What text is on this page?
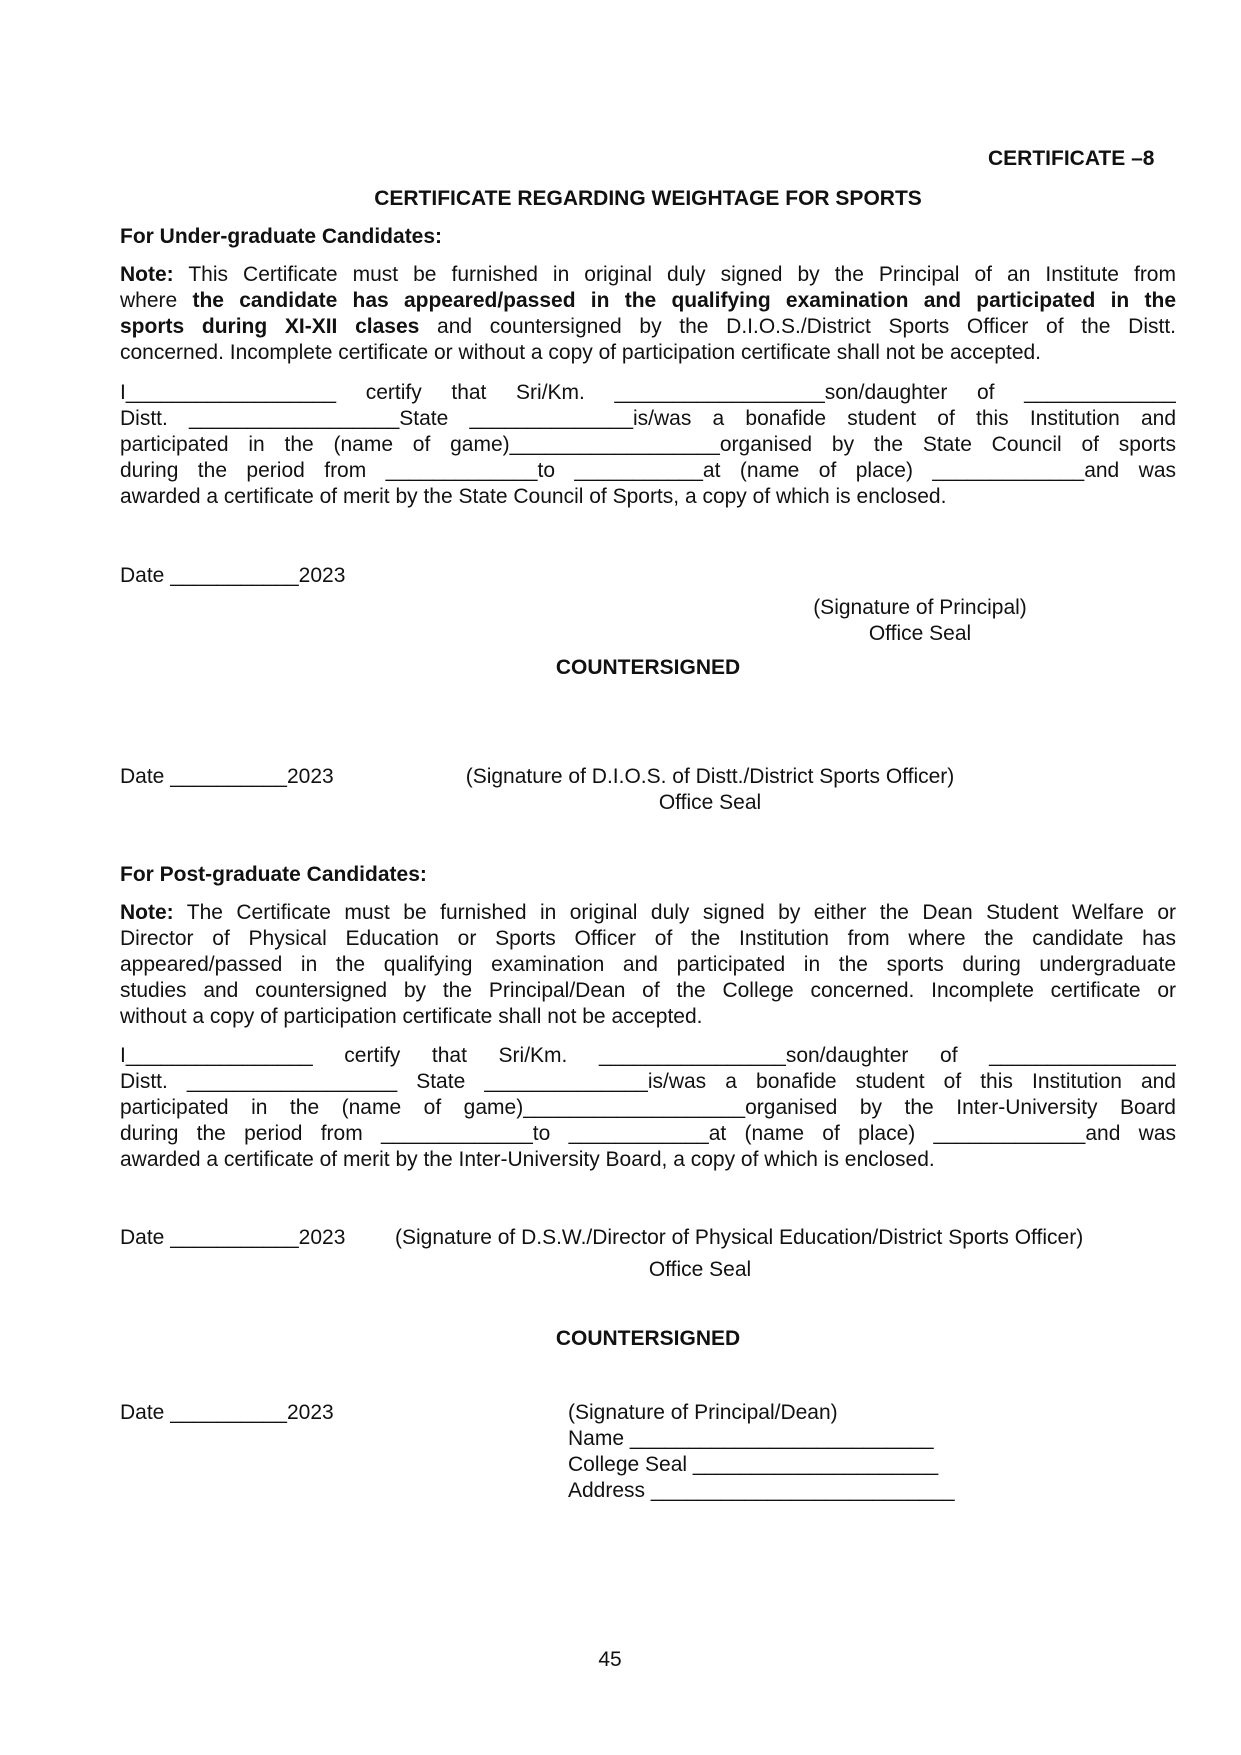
CERTIFICATE –8
CERTIFICATE REGARDING WEIGHTAGE FOR SPORTS
For Under-graduate Candidates:
Note: This Certificate must be furnished in original duly signed by the Principal of an Institute from
where the candidate has appeared/passed in the qualifying examination and participated in the
sports during XI-XII clases and countersigned by the D.I.O.S./District Sports Officer of the Distt.
concerned. Incomplete certificate or without a copy of participation certificate shall not be accepted.
I__________________ certify that Sri/Km. __________________son/daughter of _____________
Distt. __________________State ______________is/was a bonafide student of this Institution and
participated in the (name of game)__________________organised by the State Council of sports
during the period from _____________to ___________at (name of place) _____________and was
awarded a certificate of merit by the State Council of Sports, a copy of which is enclosed.
Date ___________2023
(Signature of Principal)
Office Seal
COUNTERSIGNED
Date __________2023	(Signature of D.I.O.S. of Distt./District Sports Officer)
Office Seal
For Post-graduate Candidates:
Note: The Certificate must be furnished in original duly signed by either the Dean Student Welfare or
Director of Physical Education or Sports Officer of the Institution from where the candidate has
appeared/passed in the qualifying examination and participated in the sports during undergraduate
studies and countersigned by the Principal/Dean of the College concerned. Incomplete certificate or
without a copy of participation certificate shall not be accepted.
I________________ certify that Sri/Km. ________________son/daughter of ________________
Distt. __________________ State ______________is/was a bonafide student of this Institution and
participated in the (name of game)___________________organised by the Inter-University Board
during the period from _____________to ____________at (name of place) _____________and was
awarded a certificate of merit by the Inter-University Board, a copy of which is enclosed.
Date ___________2023 (Signature of D.S.W./Director of Physical Education/District Sports Officer)
Office Seal
COUNTERSIGNED
Date __________2023	(Signature of Principal/Dean)
Name __________________________
College Seal _____________________
Address __________________________
45
